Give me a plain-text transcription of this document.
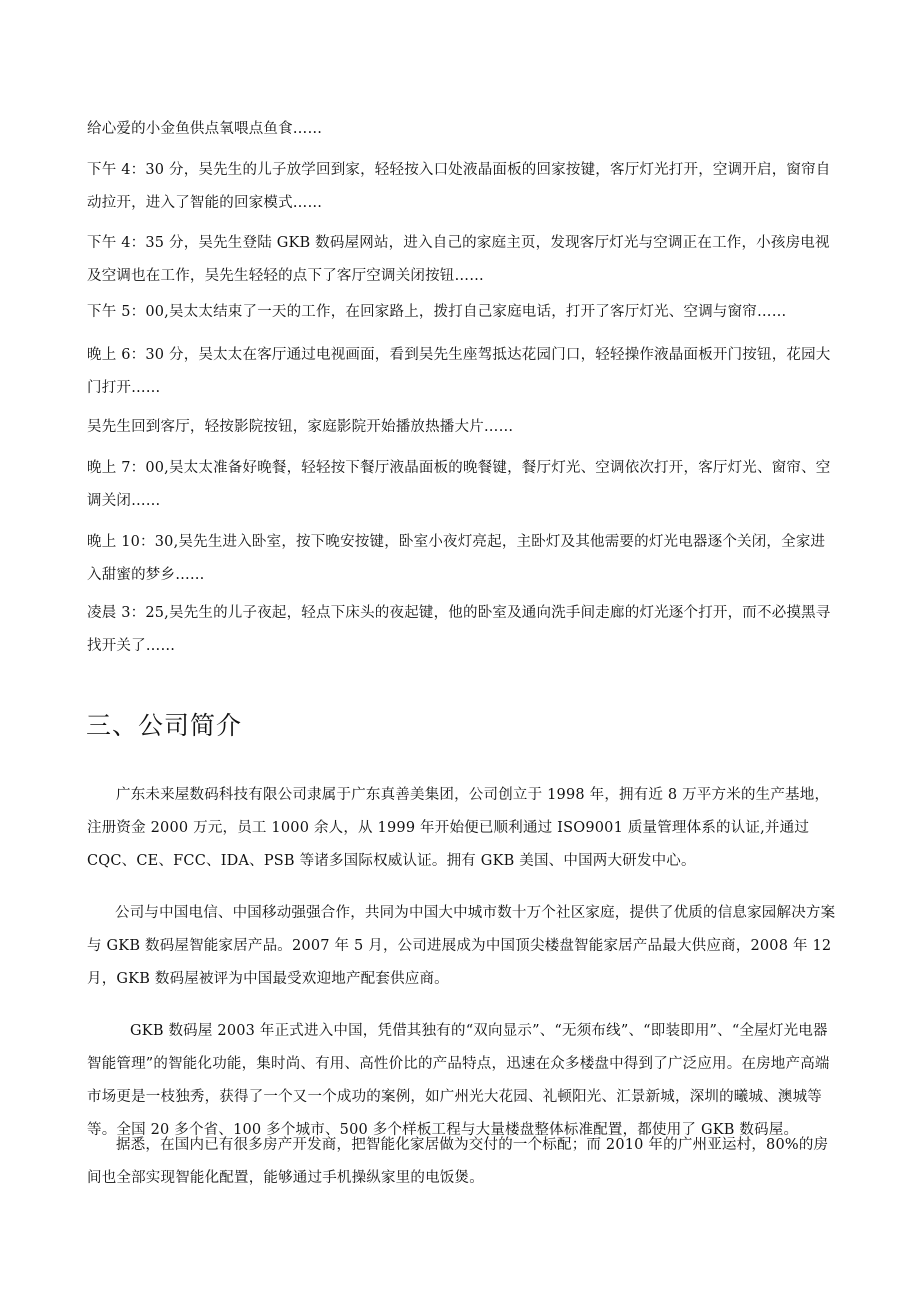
给心爱的小金鱼供点氧喂点鱼食……

下午 4：30 分，吴先生的儿子放学回到家，轻轻按入口处液晶面板的回家按键，客厅灯光打开，空调开启，窗帘自动拉开，进入了智能的回家模式……

下午 4：35 分，吴先生登陆 GKB 数码屋网站，进入自己的家庭主页，发现客厅灯光与空调正在工作，小孩房电视及空调也在工作，吴先生轻轻的点下了客厅空调关闭按钮……

下午 5：00,吴太太结束了一天的工作，在回家路上，拨打自己家庭电话，打开了客厅灯光、空调与窗帘……

晚上 6：30 分，吴太太在客厅通过电视画面，看到吴先生座驾抵达花园门口，轻轻操作液晶面板开门按钮，花园大门打开……

吴先生回到客厅，轻按影院按钮，家庭影院开始播放热播大片……

晚上 7：00,吴太太准备好晚餐，轻轻按下餐厅液晶面板的晚餐键，餐厅灯光、空调依次打开，客厅灯光、窗帘、空调关闭……

晚上 10：30,吴先生进入卧室，按下晚安按键，卧室小夜灯亮起，主卧灯及其他需要的灯光电器逐个关闭，全家进入甜蜜的梦乡……

凌晨 3：25,吴先生的儿子夜起，轻点下床头的夜起键，他的卧室及通向洗手间走廊的灯光逐个打开，而不必摸黑寻找开关了……

三、公司简介

广东未来屋数码科技有限公司隶属于广东真善美集团，公司创立于 1998 年，拥有近 8 万平方米的生产基地，注册资金 2000 万元，员工 1000 余人，从 1999 年开始便已顺利通过 ISO9001 质量管理体系的认证,并通过 CQC、CE、FCC、IDA、PSB 等诸多国际权威认证。拥有 GKB 美国、中国两大研发中心。

公司与中国电信、中国移动强强合作，共同为中国大中城市数十万个社区家庭，提供了优质的信息家园解决方案与 GKB 数码屋智能家居产品。2007 年 5 月，公司进展成为中国顶尖楼盘智能家居产品最大供应商，2008 年 12 月，GKB 数码屋被评为中国最受欢迎地产配套供应商。

GKB 数码屋 2003 年正式进入中国，凭借其独有的“双向显示”、“无须布线”、“即装即用”、“全屋灯光电器智能管理”的智能化功能，集时尚、有用、高性价比的产品特点，迅速在众多楼盘中得到了广泛应用。在房地产高端市场更是一枝独秀，获得了一个又一个成功的案例，如广州光大花园、礼顿阳光、汇景新城，深圳的曦城、澳城等等。全国 20 多个省、100 多个城市、500 多个样板工程与大量楼盘整体标准配置，都使用了 GKB 数码屋。

据悉，在国内已有很多房产开发商，把智能化家居做为交付的一个标配；而 2010 年的广州亚运村，80%的房间也全部实现智能化配置，能够通过手机操纵家里的电饭煲。
